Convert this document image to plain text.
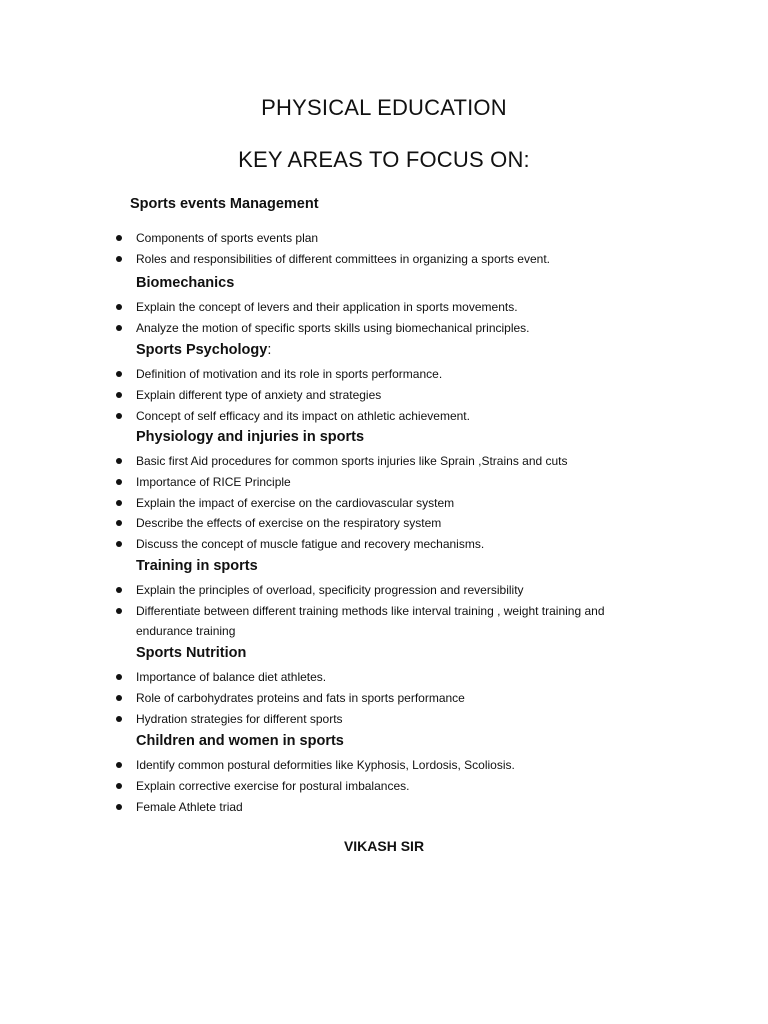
PHYSICAL EDUCATION
KEY AREAS TO FOCUS ON:
Sports events Management
Components of sports events plan
Roles and responsibilities of different committees in organizing a sports event.
Biomechanics
Explain the concept of levers and their application in sports movements.
Analyze the motion of specific sports skills using biomechanical principles.
Sports Psychology:
Definition of motivation and its role in sports performance.
Explain different type of anxiety and strategies
Concept of self efficacy and its impact on athletic achievement.
Physiology and injuries in sports
Basic first Aid procedures for common sports injuries like Sprain ,Strains and cuts
Importance of RICE Principle
Explain the impact of exercise on the cardiovascular system
Describe the effects of exercise on the respiratory system
Discuss the concept of muscle fatigue and recovery mechanisms.
Training in sports
Explain the principles of overload, specificity progression and reversibility
Differentiate between different training methods like interval training , weight training and endurance training
Sports Nutrition
Importance of balance diet athletes.
Role of carbohydrates proteins and fats in sports performance
Hydration strategies for different sports
Children and women in sports
Identify common postural deformities like Kyphosis, Lordosis, Scoliosis.
Explain corrective exercise for postural imbalances.
Female Athlete triad
VIKASH SIR
